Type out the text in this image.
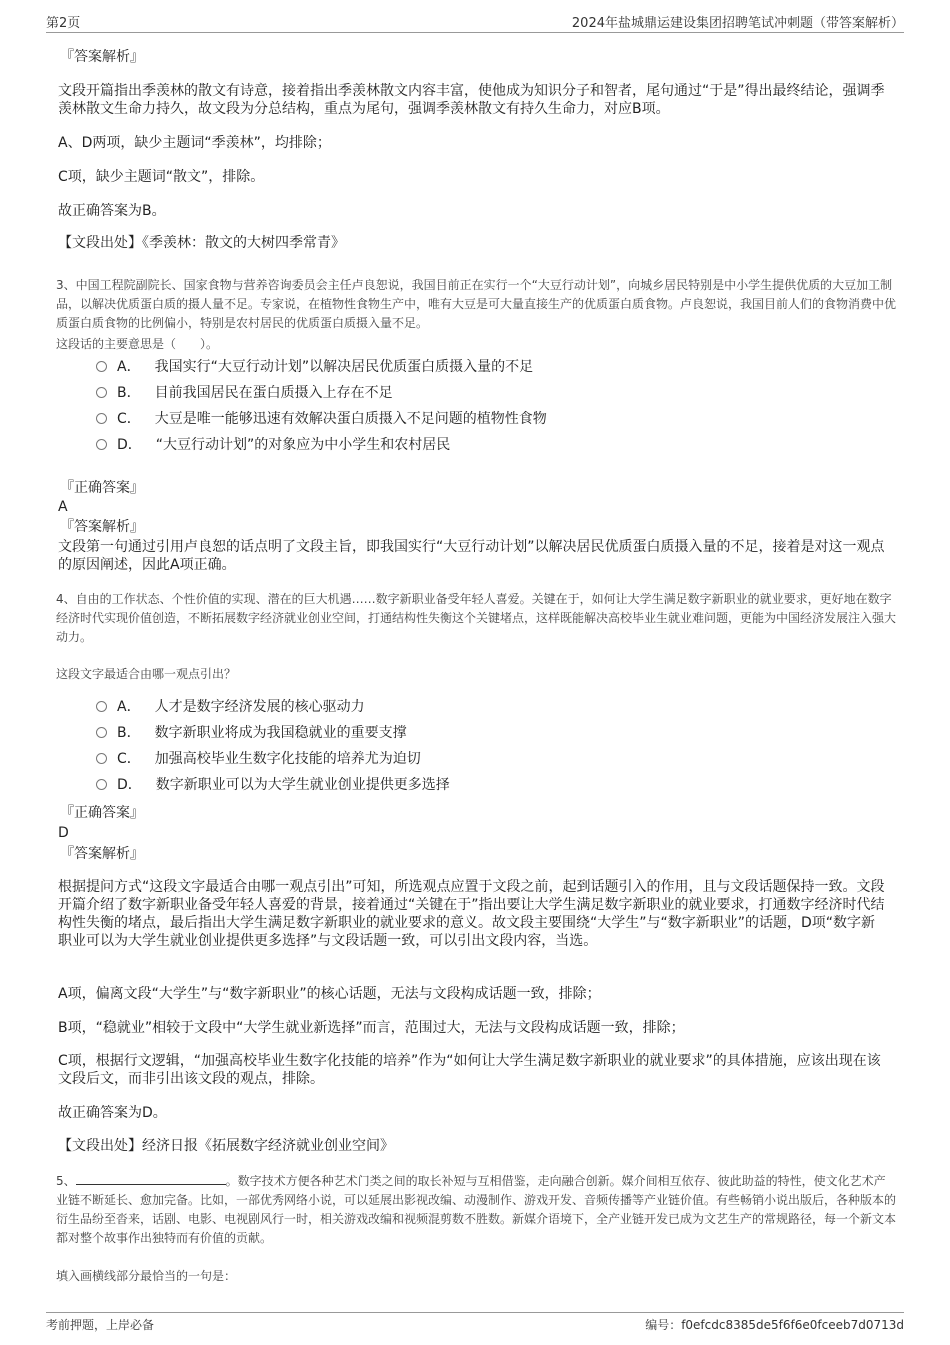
第2页	2024年盐城鼎运建设集团招聘笔试冲刺题（带答案解析）

『答案解析』

文段开篇指出季羡林的散文有诗意，接着指出季羡林散文内容丰富，使他成为知识分子和智者，尾句通过“于是”得出最终结论，强调季羡林散文生命力持久，故文段为分总结构，重点为尾句，强调季羡林散文有持久生命力，对应B项。

A、D两项，缺少主题词“季羡林”，均排除；

C项，缺少主题词“散文”，排除。

故正确答案为B。

【文段出处】《季羡林：散文的大树四季常青》

3、中国工程院副院长、国家食物与营养咨询委员会主任卢良恕说，我国目前正在实行一个“大豆行动计划”，向城乡居民特别是中小学生提供优质的大豆加工制品，以解决优质蛋白质的摄人量不足。专家说，在植物性食物生产中，唯有大豆是可大量直接生产的优质蛋白质食物。卢良恕说，我国目前人们的食物消费中优质蛋白质食物的比例偏小，特别是农村居民的优质蛋白质摄入量不足。

这段话的主要意思是（　　）。

A． 我国实行“大豆行动计划”以解决居民优质蛋白质摄入量的不足
B． 目前我国居民在蛋白质摄入上存在不足
C． 大豆是唯一能够迅速有效解决蛋白质摄入不足问题的植物性食物
D． “大豆行动计划”的对象应为中小学生和农村居民

『正确答案』

A

『答案解析』

文段第一句通过引用卢良恕的话点明了文段主旨，即我国实行“大豆行动计划”以解决居民优质蛋白质摄入量的不足，接着是对这一观点的原因阐述，因此A项正确。

4、自由的工作状态、个性价值的实现、潜在的巨大机遇……数字新职业备受年轻人喜爱。关键在于，如何让大学生满足数字新职业的就业要求，更好地在数字经济时代实现价值创造，不断拓展数字经济就业创业空间，打通结构性失衡这个关键堵点，这样既能解决高校毕业生就业难问题，更能为中国经济发展注入强大动力。

这段文字最适合由哪一观点引出？

A． 人才是数字经济发展的核心驱动力
B． 数字新职业将成为我国稳就业的重要支撑
C． 加强高校毕业生数字化技能的培养尤为迫切
D． 数字新职业可以为大学生就业创业提供更多选择

『正确答案』

D

『答案解析』

根据提问方式“这段文字最适合由哪一观点引出”可知，所选观点应置于文段之前，起到话题引入的作用，且与文段话题保持一致。文段开篇介绍了数字新职业备受年轻人喜爱的背景，接着通过“关键在于”指出要让大学生满足数字新职业的就业要求，打通数字经济时代结构性失衡的堵点，最后指出大学生满足数字新职业的就业要求的意义。故文段主要围绕“大学生”与“数字新职业”的话题，D项“数字新职业可以为大学生就业创业提供更多选择”与文段话题一致，可以引出文段内容，当选。

A项，偏离文段“大学生”与“数字新职业”的核心话题，无法与文段构成话题一致，排除；

B项，“稳就业”相较于文段中“大学生就业新选择”而言，范围过大，无法与文段构成话题一致，排除；

C项，根据行文逻辑，“加强高校毕业生数字化技能的培养”作为“如何让大学生满足数字新职业的就业要求”的具体措施，应该出现在该文段后文，而非引出该文段的观点，排除。

故正确答案为D。

【文段出处】经济日报《拓展数字经济就业创业空间》

5、	。数字技术方便各种艺术门类之间的取长补短与互相借鉴，走向融合创新。媒介间相互依存、彼此助益的特性，使文化艺术产业链不断延长、愈加完备。比如，一部优秀网络小说，可以延展出影视改编、动漫制作、游戏开发、音频传播等产业链价值。有些畅销小说出版后，各种版本的衍生品纷至沓来，话剧、电影、电视剧风行一时，相关游戏改编和视频混剪数不胜数。新媒介语境下，全产业链开发已成为文艺生产的常规路径，每一个新文本都对整个故事作出独特而有价值的贡献。

填入画横线部分最恰当的一句是：

考前押题，上岸必备	编号：f0efcdc8385de5f6f6e0fceeb7d0713d
